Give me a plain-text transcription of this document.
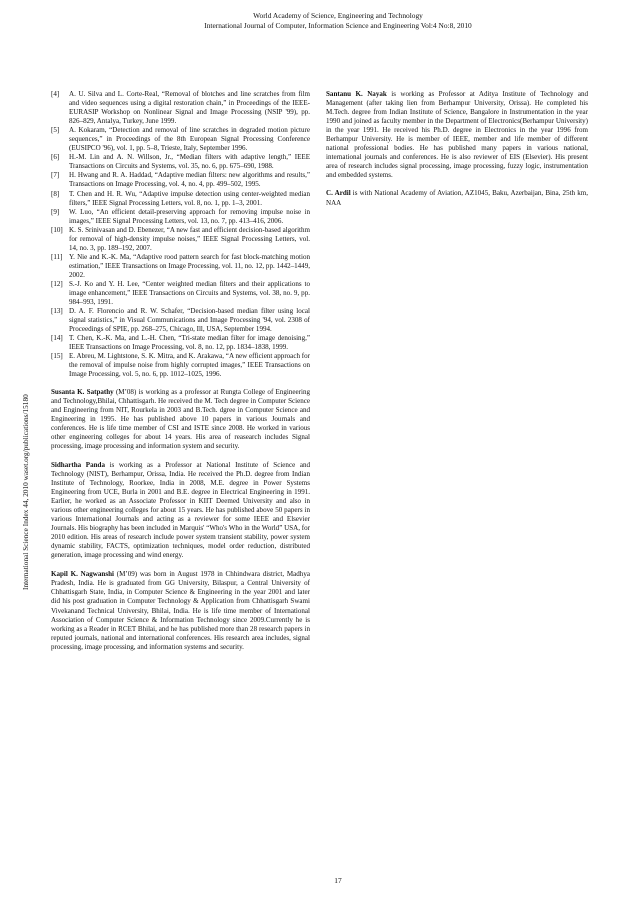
World Academy of Science, Engineering and Technology
International Journal of Computer, Information Science and Engineering Vol:4 No:8, 2010
International Science Index 44, 2010 waset.org/publications/15180

[4] A. U. Silva and L. Corte-Real, “Removal of blotches and line scratches from film and video sequences using a digital restoration chain,” in Proceedings of the IEEE-EURASIP Workshop on Nonlinear Signal and Image Processing (NSIP '99), pp. 826–829, Antalya, Turkey, June 1999.

[5] A. Kokaram, “Detection and removal of line scratches in degraded motion picture sequences,” in Proceedings of the 8th European Signal Processing Conference (EUSIPCO '96), vol. 1, pp. 5–8, Trieste, Italy, September 1996.

[6] H.-M. Lin and A. N. Willson, Jr., “Median filters with adaptive length,” IEEE Transactions on Circuits and Systems, vol. 35, no. 6, pp. 675–690, 1988.

[7] H. Hwang and R. A. Haddad, “Adaptive median filters: new algorithms and results,” Transactions on Image Processing, vol. 4, no. 4, pp. 499–502, 1995.

[8] T. Chen and H. R. Wu, “Adaptive impulse detection using center-weighted median filters,” IEEE Signal Processing Letters, vol. 8, no. 1, pp. 1–3, 2001.

[9] W. Luo, “An efficient detail-preserving approach for removing impulse noise in images,” IEEE Signal Processing Letters, vol. 13, no. 7, pp. 413–416, 2006.

[10] K. S. Srinivasan and D. Ebenezer, “A new fast and efficient decision-based algorithm for removal of high-density impulse noises,” IEEE Signal Processing Letters, vol. 14, no. 3, pp. 189–192, 2007.

[11] Y. Nie and K.-K. Ma, “Adaptive rood pattern search for fast block-matching motion estimation,” IEEE Transactions on Image Processing, vol. 11, no. 12, pp. 1442–1449, 2002.

[12] S.-J. Ko and Y. H. Lee, “Center weighted median filters and their applications to image enhancement,” IEEE Transactions on Circuits and Systems, vol. 38, no. 9, pp. 984–993, 1991.

[13] D. A. F. Florencio and R. W. Schafer, “Decision-based median filter using local signal statistics,” in Visual Communications and Image Processing '94, vol. 2308 of Proceedings of SPIE, pp. 268–275, Chicago, Ill, USA, September 1994.

[14] T. Chen, K.-K. Ma, and L.-H. Chen, “Tri-state median filter for image denoising,” IEEE Transactions on Image Processing, vol. 8, no. 12, pp. 1834–1838, 1999.

[15] E. Abreu, M. Lightstone, S. K. Mitra, and K. Arakawa, “A new efficient approach for the removal of impulse noise from highly corrupted images,” IEEE Transactions on Image Processing, vol. 5, no. 6, pp. 1012–1025, 1996.

Susanta K. Satpathy (M’08) is working as a professor at Rungta College of Engineering and Technology,Bhilai, Chhattisgarh. He received the M. Tech degree in Computer Science and Engineering from NIT, Rourkela in 2003 and B.Tech. dgree in Computer Science and Engineering in 1995. He has published above 10 papers in various Journals and conferences. He is life time member of CSI and ISTE since 2008. He worked in various other engineering colleges for about 14 years. His area of reasearch includes Signal processing, image processing and information system and security.

Sidhartha Panda is working as a Professor at National Institute of Science and Technology (NIST), Berhampur, Orissa, India. He received the Ph.D. degree from Indian Institute of Technology, Roorkee, India in 2008, M.E. degree in Power Systems Engineering from UCE, Burla in 2001 and B.E. degree in Electrical Engineering in 1991. Earlier, he worked as an Associate Professor in KIIT Deemed University and also in various other engineering colleges for about 15 years. He has published above 50 papers in various International Journals and acting as a reviewer for some IEEE and Elsevier Journals. His biography has been included in Marquis' “Who's Who in the World” USA, for 2010 edition. His areas of research include power system transient stability, power system dynamic stability, FACTS, optimization techniques, model order reduction, distributed generation, image processing and wind energy.

Kapil K. Nagwanshi (M’09) was born in August 1978 in Chhindwara district, Madhya Pradesh, India. He is graduated from GG University, Bilaspur, a Central University of Chhattisgarh State, India, in Computer Science & Engineering in the year 2001 and later did his post graduation in Computer Technology & Application from Chhattisgarh Swami Vivekanand Technical University, Bhilai, India. He is life time member of International Association of Computer Science & Information Technology since 2009.Currently he is working as a Reader in RCET Bhilai, and he has published more than 28 research papers in reputed journals, national and international conferences. His research area includes, signal processing, image processing, and information systems and security.

Santanu K. Nayak is working as Professor at Aditya Institute of Technology and Management (after taking lien from Berhampur University, Orissa). He completed his M.Tech. degree from Indian Institute of Science, Bangalore in Instrumentation in the year 1990 and joined as faculty member in the Department of Electronics(Berhampur University) in the year 1991. He received his Ph.D. degree in Electronics in the year 1996 from Berhampur University. He is member of IEEE, member and life member of different national professional bodies. He has published many papers in various national, international journals and conferences. He is also reviewer of EIS (Elsevier). His present area of research includes signal processing, image processing, fuzzy logic, instrumentation and embedded systems.

C. Ardil is with National Academy of Aviation, AZ1045, Baku, Azerbaijan, Bina, 25th km, NAA

17
